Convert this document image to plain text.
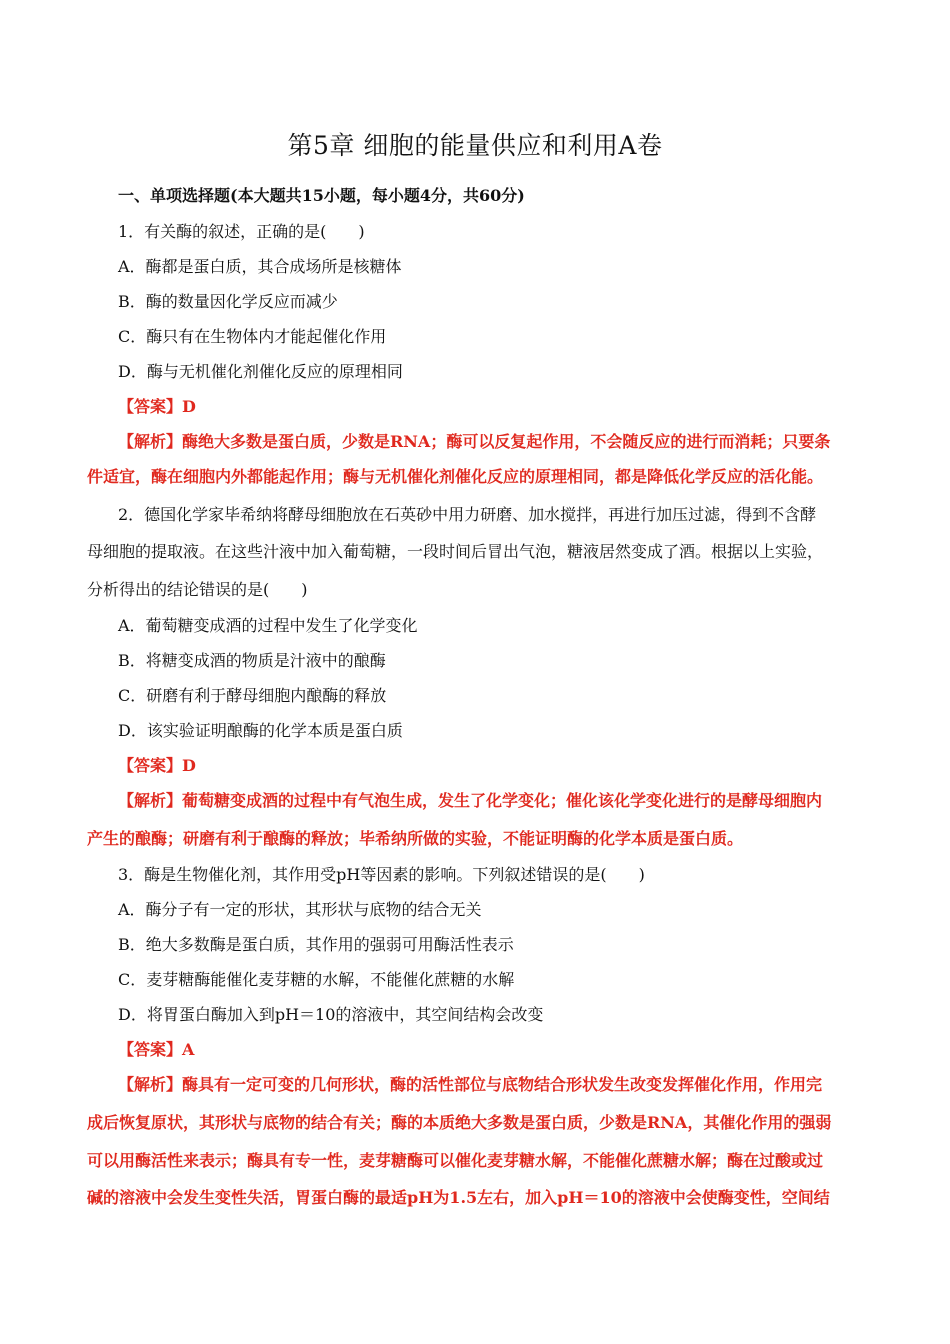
第5章 细胞的能量供应和利用A卷
一、单项选择题(本大题共15小题，每小题4分，共60分)
1．有关酶的叙述，正确的是(　　)
A．酶都是蛋白质，其合成场所是核糖体
B．酶的数量因化学反应而减少
C．酶只有在生物体内才能起催化作用
D．酶与无机催化剂催化反应的原理相同
【答案】D
【解析】酶绝大多数是蛋白质，少数是RNA；酶可以反复起作用，不会随反应的进行而消耗；只要条
件适宜，酶在细胞内外都能起作用；酶与无机催化剂催化反应的原理相同，都是降低化学反应的活化能。
2．德国化学家毕希纳将酵母细胞放在石英砂中用力研磨、加水搅拌，再进行加压过滤，得到不含酵
母细胞的提取液。在这些汁液中加入葡萄糖，一段时间后冒出气泡，糖液居然变成了酒。根据以上实验，
分析得出的结论错误的是(　　)
A．葡萄糖变成酒的过程中发生了化学变化
B．将糖变成酒的物质是汁液中的酿酶
C．研磨有利于酵母细胞内酿酶的释放
D．该实验证明酿酶的化学本质是蛋白质
【答案】D
【解析】葡萄糖变成酒的过程中有气泡生成，发生了化学变化；催化该化学变化进行的是酵母细胞内
产生的酿酶；研磨有利于酿酶的释放；毕希纳所做的实验，不能证明酶的化学本质是蛋白质。
3．酶是生物催化剂，其作用受pH等因素的影响。下列叙述错误的是(　　)
A．酶分子有一定的形状，其形状与底物的结合无关
B．绝大多数酶是蛋白质，其作用的强弱可用酶活性表示
C．麦芽糖酶能催化麦芽糖的水解，不能催化蔗糖的水解
D．将胃蛋白酶加入到pH＝10的溶液中，其空间结构会改变
【答案】A
【解析】酶具有一定可变的几何形状，酶的活性部位与底物结合形状发生改变发挥催化作用，作用完
成后恢复原状，其形状与底物的结合有关；酶的本质绝大多数是蛋白质，少数是RNA，其催化作用的强弱
可以用酶活性来表示；酶具有专一性，麦芽糖酶可以催化麦芽糖水解，不能催化蔗糖水解；酶在过酸或过
碱的溶液中会发生变性失活，胃蛋白酶的最适pH为1.5左右，加入pH＝10的溶液中会使酶变性，空间结
